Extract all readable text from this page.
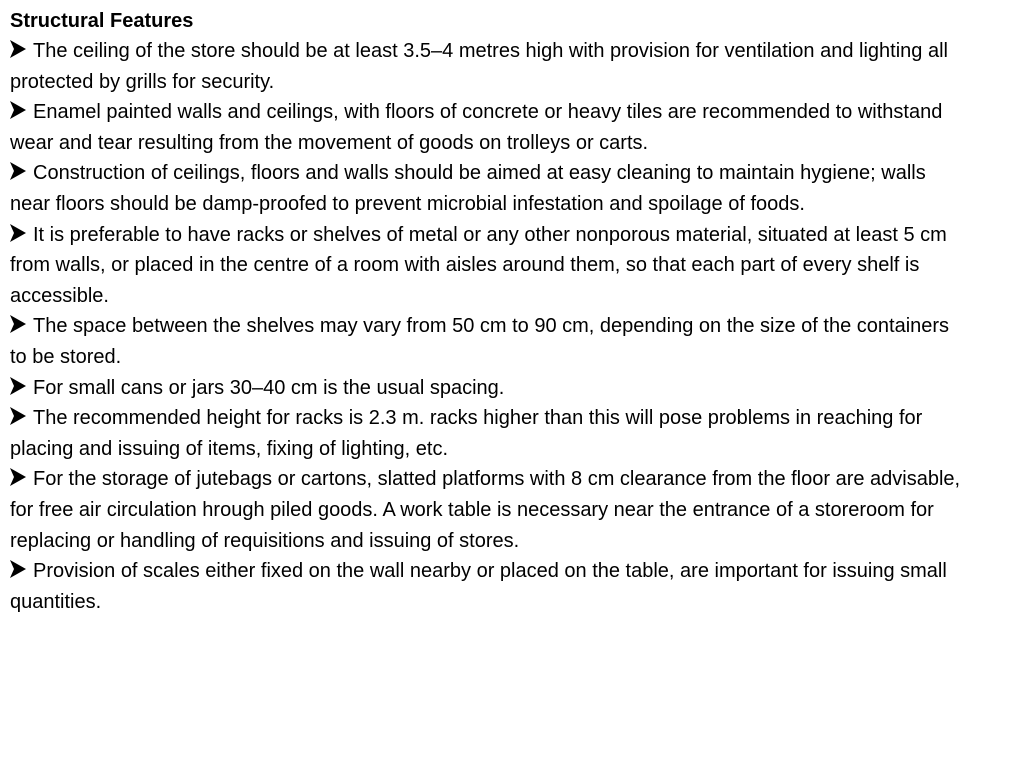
Structural Features
The ceiling of the store should be at least 3.5–4 metres high with provision for ventilation and lighting all protected by grills for security.
Enamel painted walls and ceilings, with floors of concrete or heavy tiles are recommended to withstand wear and tear resulting from the movement of goods on trolleys or carts.
Construction of ceilings, floors and walls should be aimed at easy cleaning to maintain hygiene; walls near floors should be damp-proofed to prevent microbial infestation and spoilage of foods.
It is preferable to have racks or shelves of metal or any other nonporous material, situated at least 5 cm from walls, or placed in the centre of a room with aisles around them, so that each part of every shelf is accessible.
The space between the shelves may vary from 50 cm to 90 cm, depending on the size of the containers to be stored.
For small cans or jars 30–40 cm is the usual spacing.
The recommended height for racks is 2.3 m. racks higher than this will pose problems in reaching for placing and issuing of items, fixing of lighting, etc.
For the storage of jutebags or cartons, slatted platforms with 8 cm clearance from the floor are advisable, for free air circulation hrough piled goods. A work table is necessary near the entrance of a storeroom for replacing or handling of requisitions and issuing of stores.
Provision of scales either fixed on the wall nearby or placed on the table, are important for issuing small quantities.
